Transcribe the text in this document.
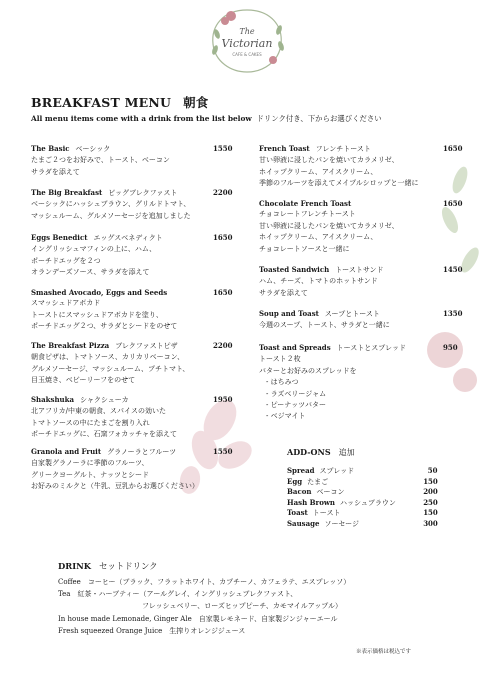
The
Victorian
CAFE & CAKES
BREAKFAST MENU 朝食
All menu items come with a drink from the list below ドリンク付き、下からお選びください
The Basic ベーシック	1550
たまご２つをお好みで、トースト、ベーコン
サラダを添えて
The Big Breakfast ビッグブレクファスト	2200
ベーシックにハッシュブラウン、グリルドトマト、
マッシュルーム、グルメソーセージを追加しました
Eggs Benedict エッグスベネディクト	1650
イングリッシュマフィンの上に、ハム、
ポーチドエッグを２つ
オランデーズソース、サラダを添えて
Smashed Avocado, Eggs and Seeds	1650
スマッシュドアボカド
トーストにスマッシュドアボカドを塗り、
ポーチドエッグ２つ、サラダとシードをのせて
The Breakfast Pizza ブレクファストピザ	2200
朝食ピザは、トマトソース、カリカリベーコン、
グルメソーセージ、マッシュルーム、プチトマト、
目玉焼き、ベビーリーフをのせて
Shakshuka シャクシューカ	1950
北アフリカ/中東の朝食、スパイスの効いた
トマトソースの中にたまごを割り入れ
ポーチドエッグに、石窯フォカッチャを添えて
Granola and Fruit グラノーラとフルーツ	1550
自家製グラノーラに季節のフルーツ、
グリークヨーグルト、ナッツとシード
お好みのミルクと（牛乳、豆乳からお選びください）
French Toast フレンチトースト	1650
甘い卵液に浸したパンを焼いてカラメリゼ、
ホイップクリーム、アイスクリーム、
季節のフルーツを添えてメイプルシロップと一緒に
Chocolate French Toast	1650
チョコレートフレンチトースト
甘い卵液に浸したパンを焼いてカラメリゼ、
ホイップクリーム、アイスクリーム、
チョコレートソースと一緒に
Toasted Sandwich トーストサンド	1450
ハム、チーズ、トマトのホットサンド
サラダを添えて
Soup and Toast スープとトースト	1350
今週のスープ、トースト、サラダと一緒に
Toast and Spreads トーストとスプレッド	950
トースト２枚
バターとお好みのスプレッドを
　- はちみつ
　- ラズベリージャム
　- ピーナッツバター
　- ベジマイト
ADD-ONS 追加
Spread スプレッド	50
Egg たまご	150
Bacon ベーコン	200
Hash Brown ハッシュブラウン	250
Toast トースト	150
Sausage ソーセージ	300
DRINK セットドリンク
Coffee　コーヒー（ブラック、フラットホワイト、カプチーノ、カフェラテ、エスプレッソ）
Tea　紅茶・ハーブティー（アールグレイ、イングリッシュブレクファスト、
　　　　　　　　　　　　フレッシュベリー、ローズヒップピーチ、カモマイルアップル）
In house made Lemonade, Ginger Ale　自家製レモネード、自家製ジンジャーエール
Fresh squeezed Orange Juice　生搾りオレンジジュース
※表示価格は税込です
